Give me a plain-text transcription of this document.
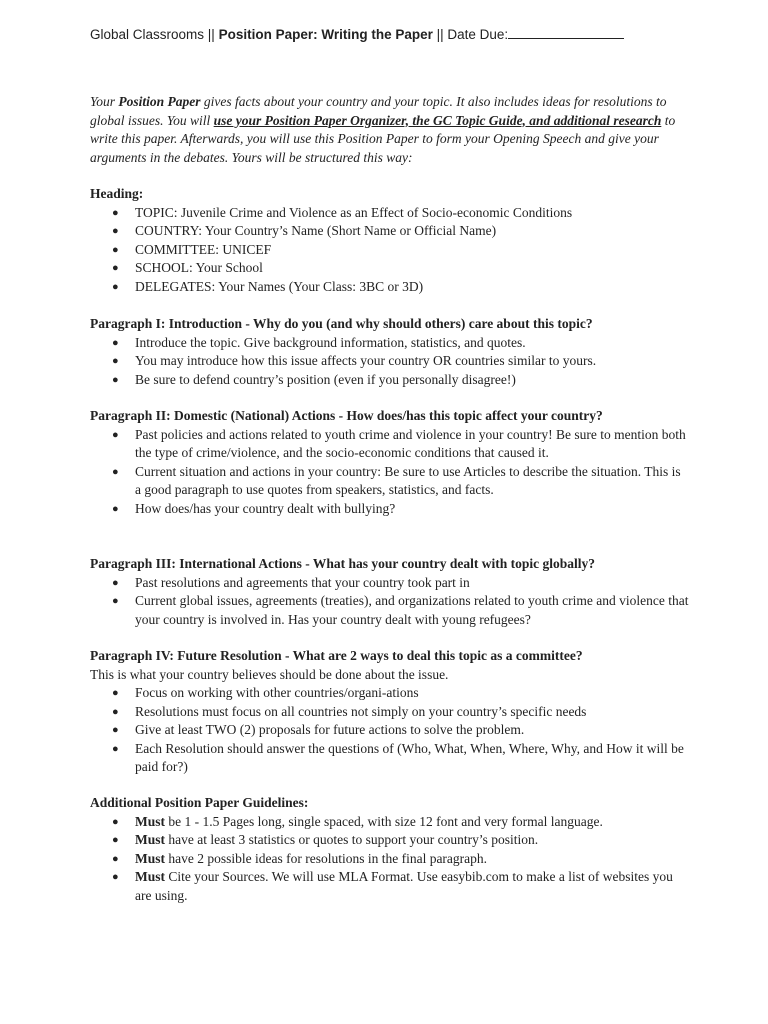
Global Classrooms || Position Paper: Writing the Paper || Date Due:

Your Position Paper gives facts about your country and your topic. It also includes ideas for resolutions to global issues. You will use your Position Paper Organizer, the GC Topic Guide, and additional research to write this paper. Afterwards, you will use this Position Paper to form your Opening Speech and give your arguments in the debates. Yours will be structured this way:

Heading:

● TOPIC: Juvenile Crime and Violence as an Effect of Socio-economic Conditions
● COUNTRY: Your Country’s Name (Short Name or Official Name)
● COMMITTEE: UNICEF
● SCHOOL: Your School
● DELEGATES: Your Names (Your Class: 3BC or 3D)

Paragraph I: Introduction - Why do you (and why should others) care about this topic?

● Introduce the topic. Give background information, statistics, and quotes.
● You may introduce how this issue affects your country OR countries similar to yours.
● Be sure to defend country’s position (even if you personally disagree!)

Paragraph II: Domestic (National) Actions - How does/has this topic affect your country?

● Past policies and actions related to youth crime and violence in your country! Be sure to mention both the type of crime/violence, and the socio-economic conditions that caused it.
● Current situation and actions in your country: Be sure to use Articles to describe the situation. This is a good paragraph to use quotes from speakers, statistics, and facts.
● How does/has your country dealt with bullying?

Paragraph III: International Actions - What has your country dealt with topic globally?

● Past resolutions and agreements that your country took part in
● Current global issues, agreements (treaties), and organizations related to youth crime and violence that your country is involved in. Has your country dealt with young refugees?

Paragraph IV: Future Resolution - What are 2 ways to deal this topic as a committee?

This is what your country believes should be done about the issue.

● Focus on working with other countries/organi-ations
● Resolutions must focus on all countries not simply on your country’s specific needs
● Give at least TWO (2) proposals for future actions to solve the problem.
● Each Resolution should answer the questions of (Who, What, When, Where, Why, and How it will be paid for?)

Additional Position Paper Guidelines:

● Must be 1 - 1.5 Pages long, single spaced, with size 12 font and very formal language.
● Must have at least 3 statistics or quotes to support your country’s position.
● Must have 2 possible ideas for resolutions in the final paragraph.
● Must Cite your Sources. We will use MLA Format. Use easybib.com to make a list of websites you are using.
